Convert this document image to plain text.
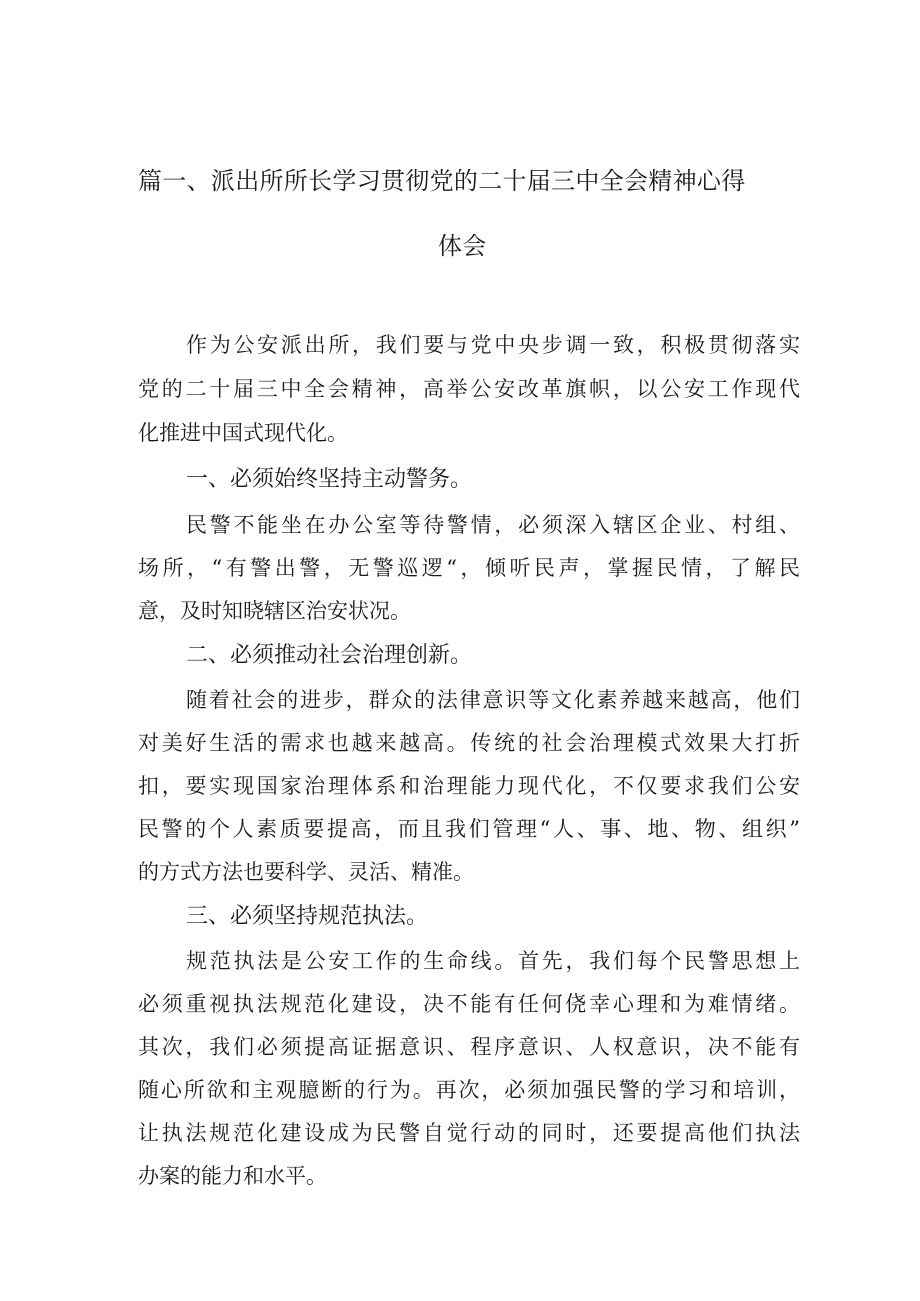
篇一、派出所所长学习贯彻党的二十届三中全会精神心得
体会
作为公安派出所，我们要与党中央步调一致，积极贯彻落实
党的二十届三中全会精神，高举公安改革旗帜，以公安工作现代
化推进中国式现代化。
一、必须始终坚持主动警务。
民警不能坐在办公室等待警情，必须深入辖区企业、村组、
场所，“有警出警，无警巡逻“，倾听民声，掌握民情，了解民
意，及时知晓辖区治安状况。
二、必须推动社会治理创新。
随着社会的进步，群众的法律意识等文化素养越来越高，他们
对美好生活的需求也越来越高。传统的社会治理模式效果大打折
扣，要实现国家治理体系和治理能力现代化，不仅要求我们公安
民警的个人素质要提高，而且我们管理“人、事、地、物、组织”
的方式方法也要科学、灵活、精准。
三、必须坚持规范执法。
规范执法是公安工作的生命线。首先，我们每个民警思想上
必须重视执法规范化建设，决不能有任何侥幸心理和为难情绪。
其次，我们必须提高证据意识、程序意识、人权意识，决不能有
随心所欲和主观臆断的行为。再次，必须加强民警的学习和培训，
让执法规范化建设成为民警自觉行动的同时，还要提高他们执法
办案的能力和水平。
